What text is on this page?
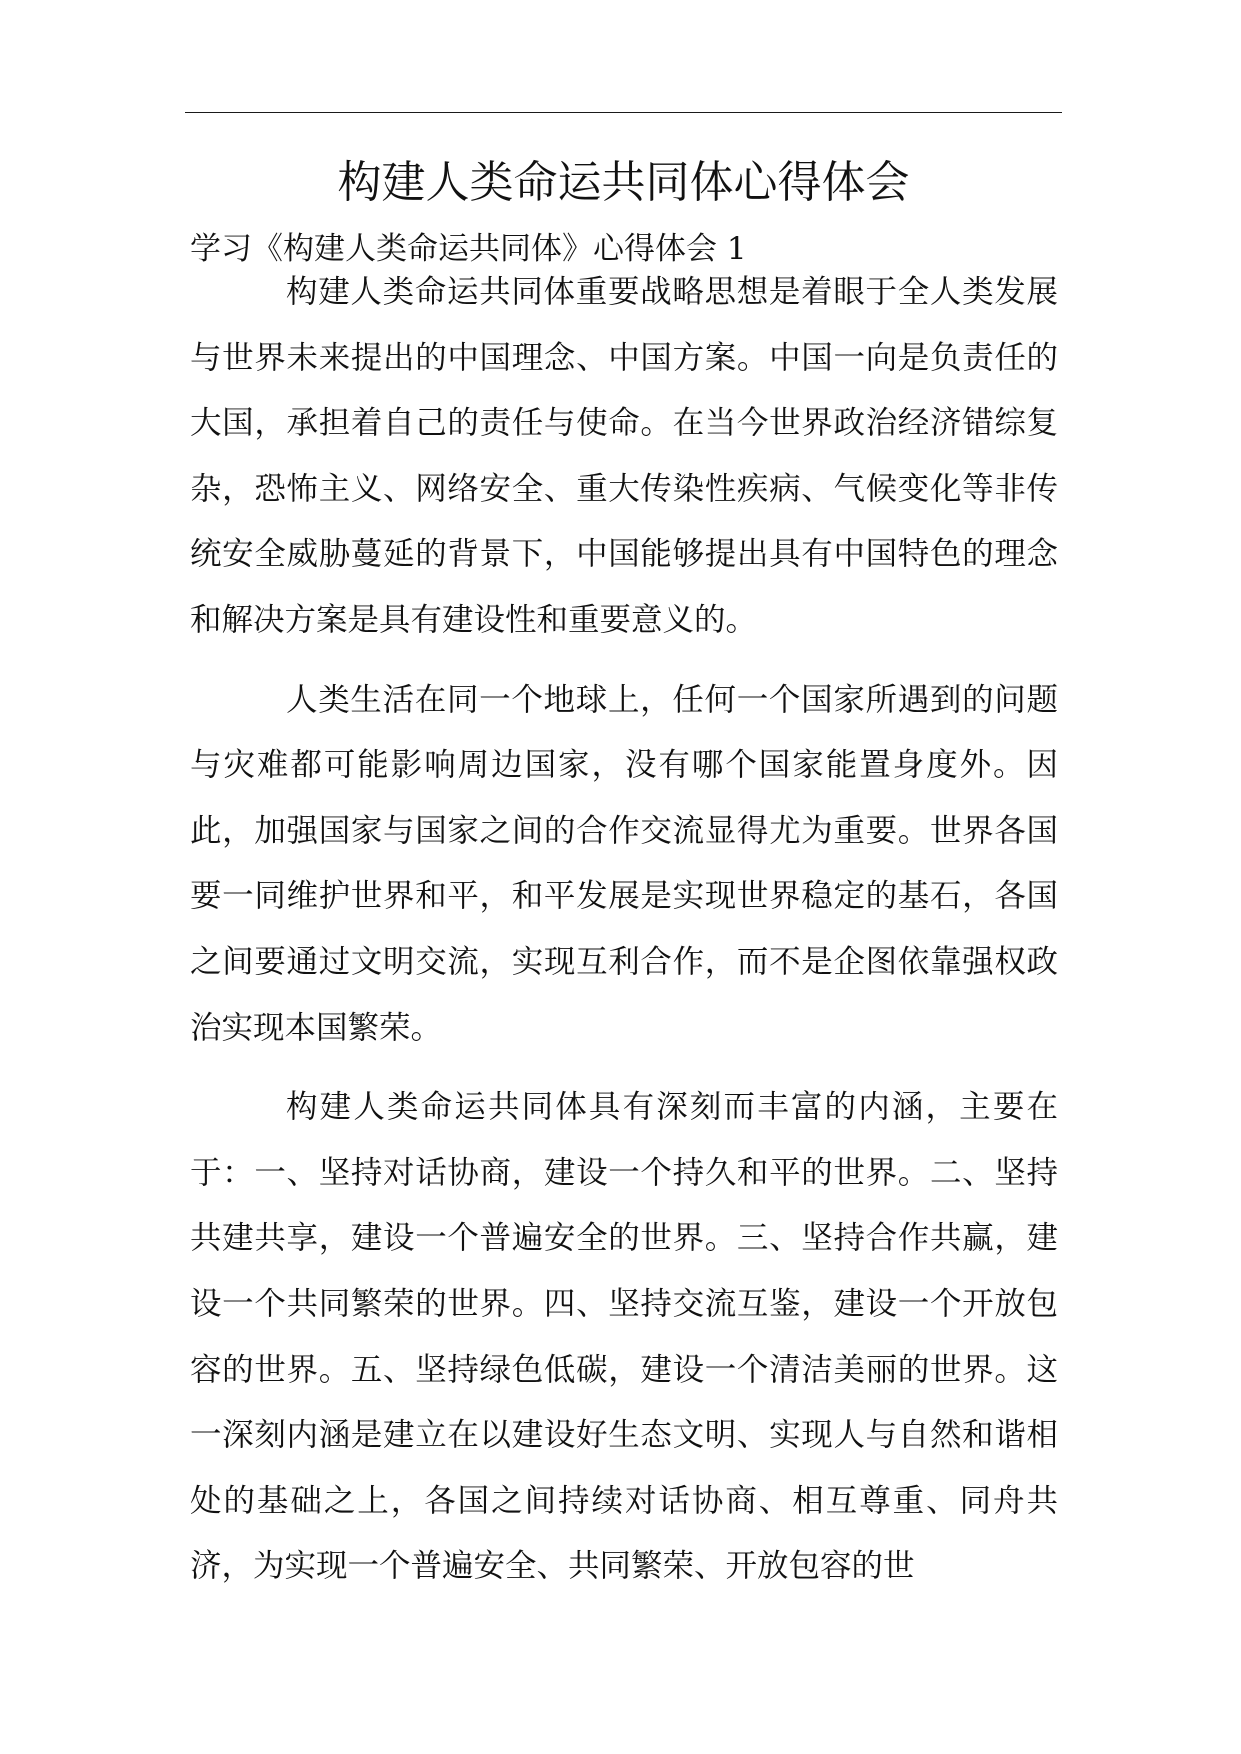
构建人类命运共同体心得体会
学习《构建人类命运共同体》心得体会 1

构建人类命运共同体重要战略思想是着眼于全人类发展与世界未来提出的中国理念、中国方案。中国一向是负责任的大国，承担着自己的责任与使命。在当今世界政治经济错综复杂，恐怖主义、网络安全、重大传染性疾病、气候变化等非传统安全威胁蔓延的背景下，中国能够提出具有中国特色的理念和解决方案是具有建设性和重要意义的。

人类生活在同一个地球上，任何一个国家所遇到的问题与灾难都可能影响周边国家，没有哪个国家能置身度外。因此，加强国家与国家之间的合作交流显得尤为重要。世界各国要一同维护世界和平，和平发展是实现世界稳定的基石，各国之间要通过文明交流，实现互利合作，而不是企图依靠强权政治实现本国繁荣。

构建人类命运共同体具有深刻而丰富的内涵，主要在于：一、坚持对话协商，建设一个持久和平的世界。二、坚持共建共享，建设一个普遍安全的世界。三、坚持合作共赢，建设一个共同繁荣的世界。四、坚持交流互鉴，建设一个开放包容的世界。五、坚持绿色低碳，建设一个清洁美丽的世界。这一深刻内涵是建立在以建设好生态文明、实现人与自然和谐相处的基础之上，各国之间持续对话协商、相互尊重、同舟共济，为实现一个普遍安全、共同繁荣、开放包容的世
